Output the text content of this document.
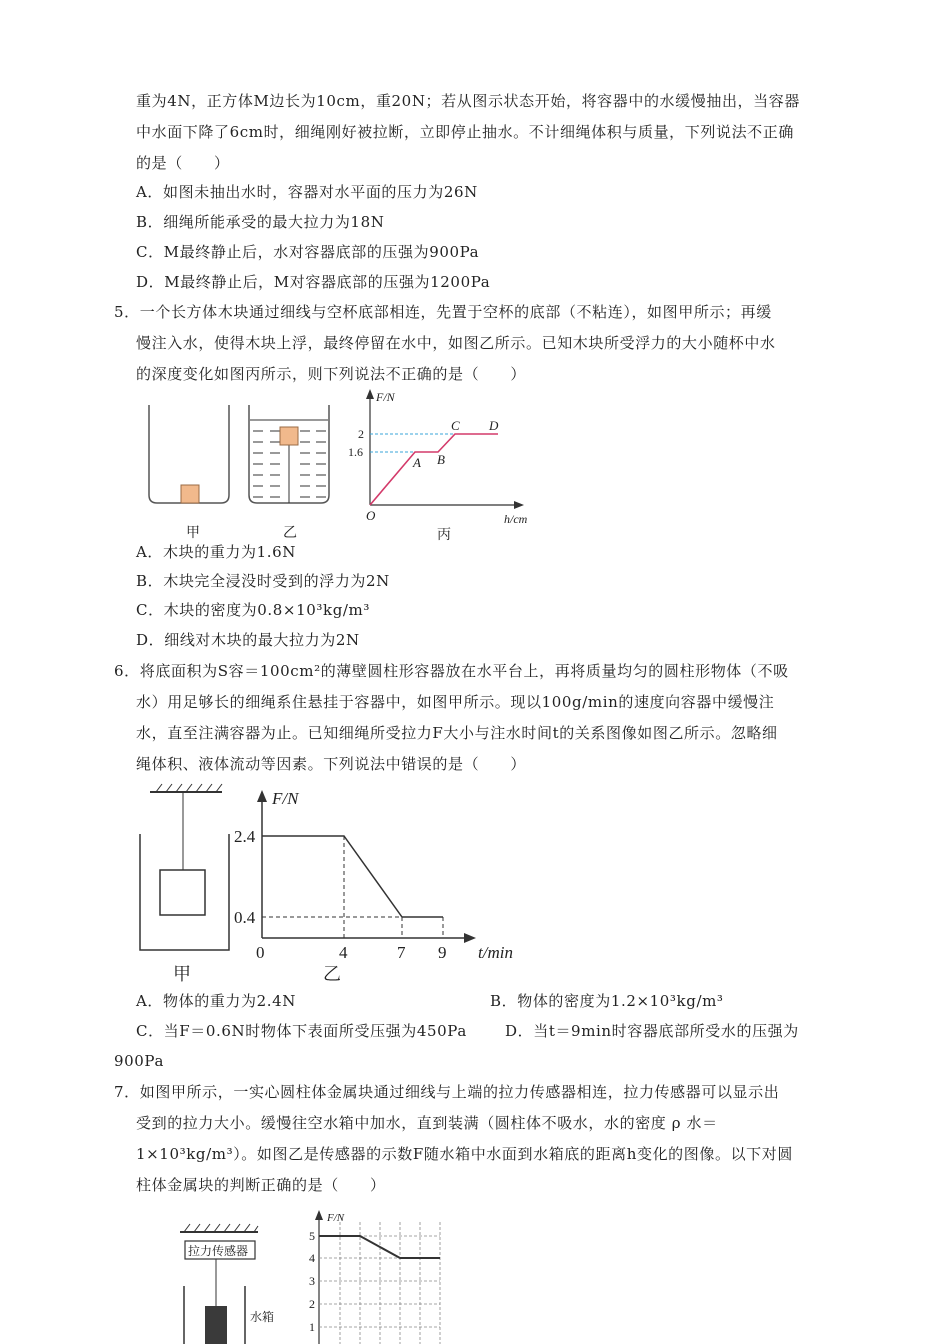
重为4N，正方体M边长为10cm，重20N；若从图示状态开始，将容器中的水缓慢抽出，当容器
中水面下降了6cm时，细绳刚好被拉断，立即停止抽水。不计细绳体积与质量，下列说法不正确
的是（　　）
A．如图未抽出水时，容器对水平面的压力为26N
B．细绳所能承受的最大拉力为18N
C．M最终静止后，水对容器底部的压强为900Pa
D．M最终静止后，M对容器底部的压强为1200Pa
5．一个长方体木块通过细线与空杯底部相连，先置于空杯的底部（不粘连），如图甲所示；再缓
慢注入水，使得木块上浮，最终停留在水中，如图乙所示。已知木块所受浮力的大小随杯中水
的深度变化如图丙所示，则下列说法不正确的是（　　）
甲	乙
F/N
h/cm
O
2
1.6
A B
C D
丙
A．木块的重力为1.6N
B．木块完全浸没时受到的浮力为2N
C．木块的密度为0.8×10³kg/m³
D．细线对木块的最大拉力为2N
6．将底面积为S容＝100cm²的薄壁圆柱形容器放在水平台上，再将质量均匀的圆柱形物体（不吸
水）用足够长的细绳系住悬挂于容器中，如图甲所示。现以100g/min的速度向容器中缓慢注
水，直至注满容器为止。已知细绳所受拉力F大小与注水时间t的关系图像如图乙所示。忽略细
绳体积、液体流动等因素。下列说法中错误的是（　　）
甲
F/N
t/min
2.4
0.4
0	4	7 9
乙
A．物体的重力为2.4N	B．物体的密度为1.2×10³kg/m³
C．当F＝0.6N时物体下表面所受压强为450Pa	D．当t＝9min时容器底部所受水的压强为
900Pa
7．如图甲所示，一实心圆柱体金属块通过细线与上端的拉力传感器相连，拉力传感器可以显示出
受到的拉力大小。缓慢往空水箱中加水，直到装满（圆柱体不吸水，水的密度 ρ 水＝
1×10³kg/m³）。如图乙是传感器的示数F随水箱中水面到水箱底的距离h变化的图像。以下对圆
柱体金属块的判断正确的是（　　）
拉力传感器
水箱
F/N
5
4
3
2
1
